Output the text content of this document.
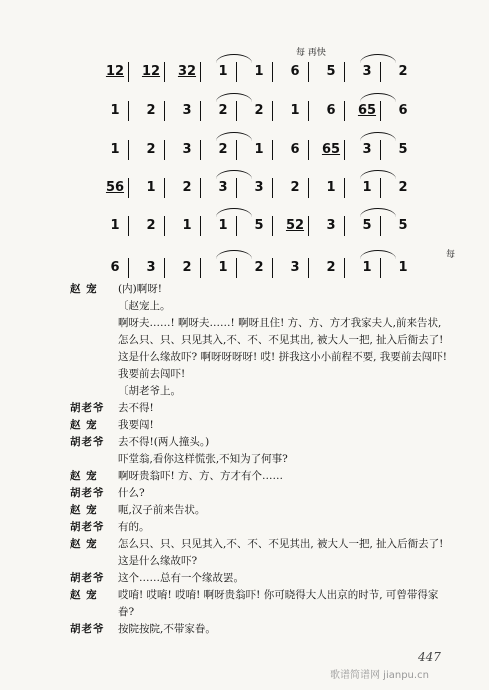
12	12	32	1	1	6	5	3	2
1	2	3	2	2	1	6	65	6
1	2	3	2	1	6	65	3	5
56	1	2	3	3	2	1	1	2
1	2	1	1	5	52	3	5	5
6	3	2	1	2	3	2	1	1
每 再快
每
赵 宠	(内)啊呀!
〔赵宠上。
啊呀夫……! 啊呀夫……! 啊呀且住! 方、方、方才我家夫人,前来告状,怎么只、只、只见其入,不、不、不见其出, 被大人一把, 扯入后衙去了! 这是什么缘故吓? 啊呀呀呀呀! 哎! 拼我这小小前程不要, 我要前去闯吓! 我要前去闯吓!
〔胡老爷上。
胡老爷	去不得!
赵 宠	我要闯!
胡老爷	去不得!(两人撞头。)
吓堂翁,看你这样慌张,不知为了何事?
赵 宠	啊呀贵翁吓! 方、方、方才有个……
胡老爷	什么?
赵 宠	呃,汉子前来告状。
胡老爷	有的。
赵 宠	怎么只、只、只见其入,不、不、不见其出, 被大人一把, 扯入后衙去了! 这是什么缘故吓?
胡老爷	这个……总有一个缘故罢。
赵 宠	哎唷! 哎唷! 哎唷! 啊呀贵翁吓! 你可晓得大人出京的时节, 可曾带得家眷?
胡老爷	按院按院,不带家眷。
447
歌谱简谱网 jianpu.cn
